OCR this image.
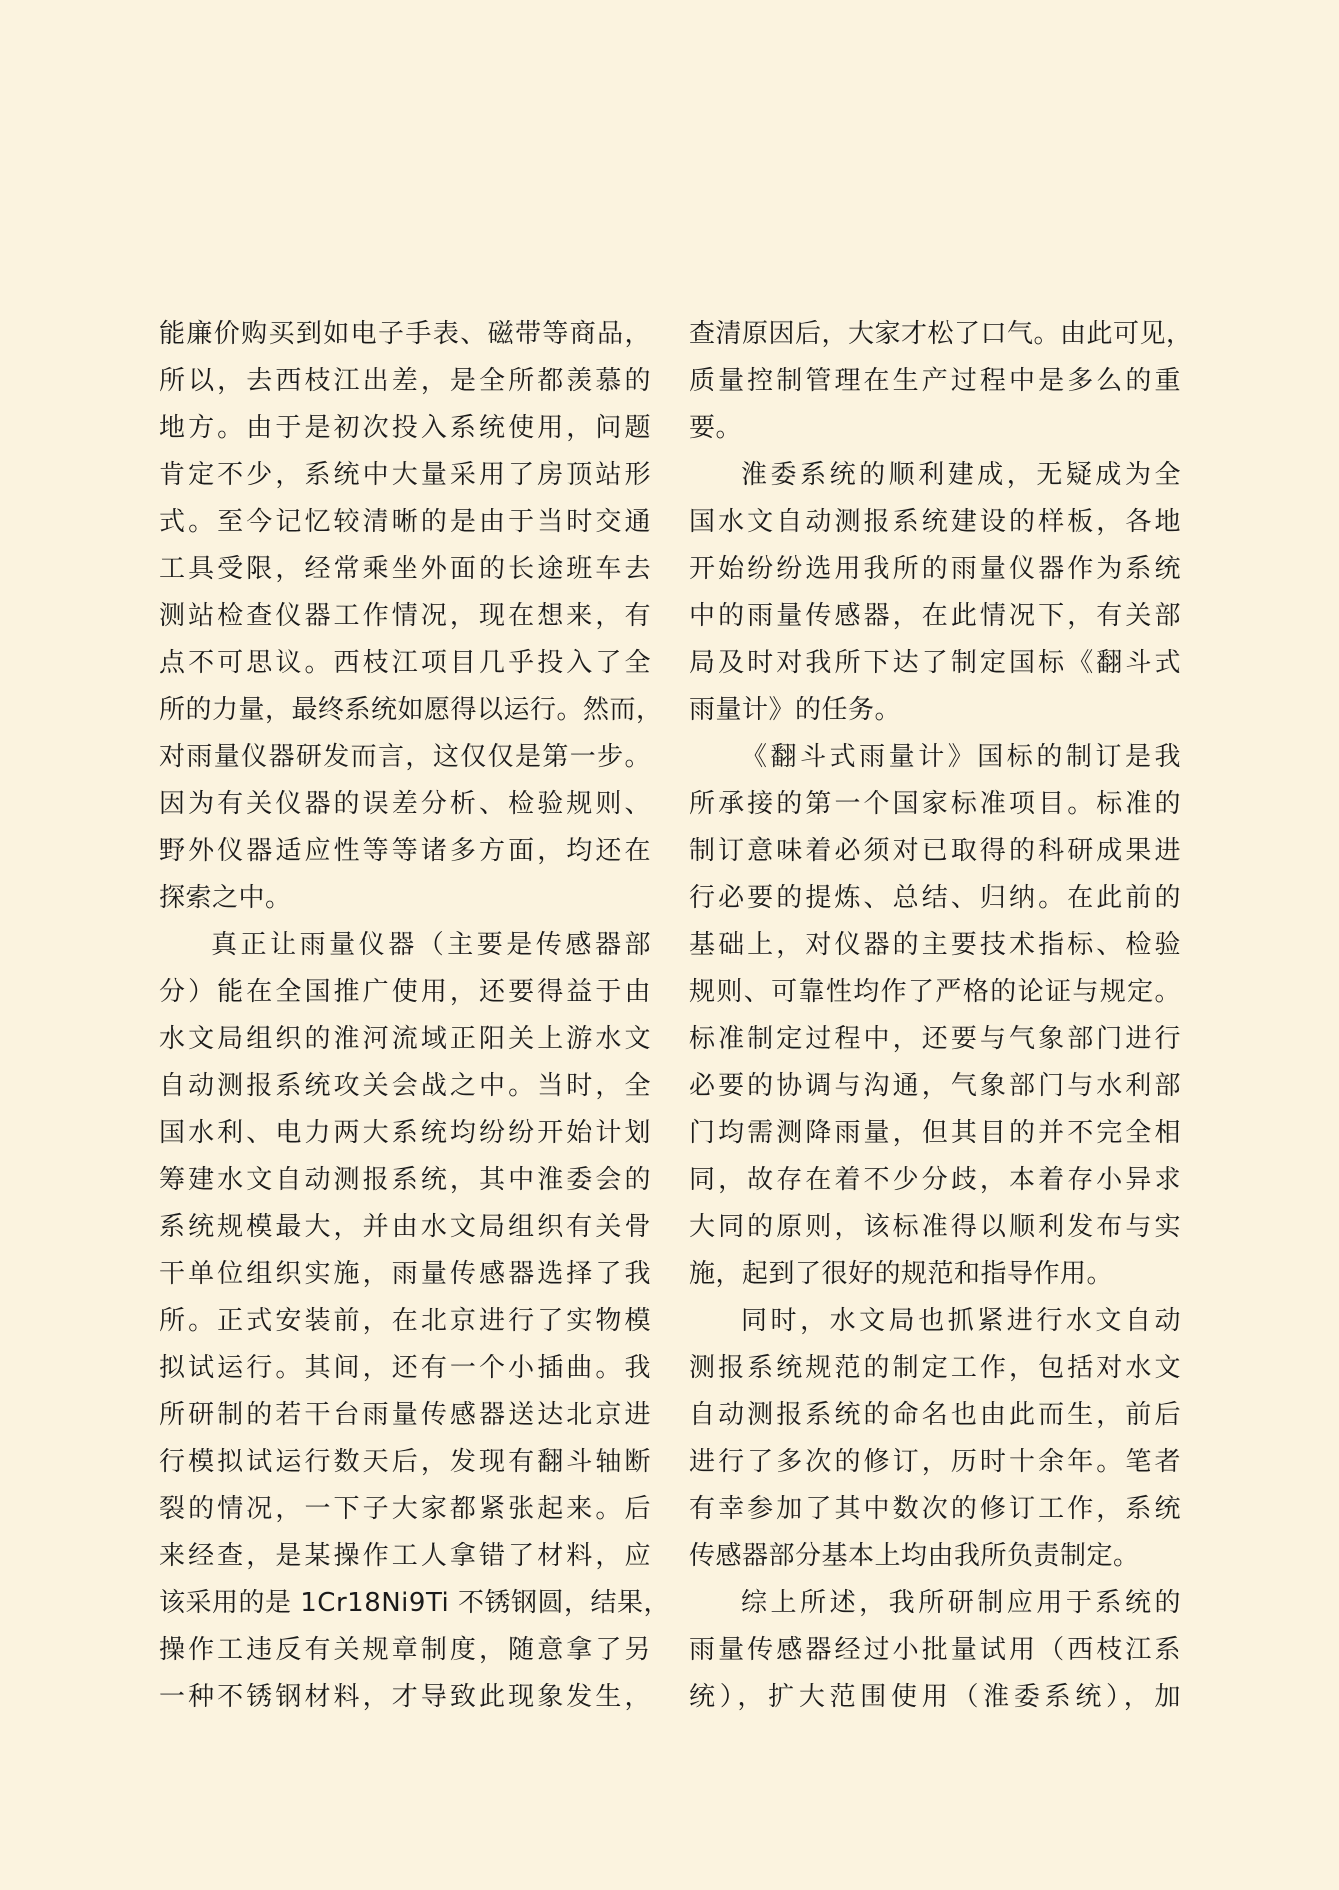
能廉价购买到如电子手表、磁带等商品，
所以，去西枝江出差，是全所都羡慕的
地方。由于是初次投入系统使用，问题
肯定不少，系统中大量采用了房顶站形
式。至今记忆较清晰的是由于当时交通
工具受限，经常乘坐外面的长途班车去
测站检查仪器工作情况，现在想来，有
点不可思议。西枝江项目几乎投入了全
所的力量，最终系统如愿得以运行。然而，
对雨量仪器研发而言，这仅仅是第一步。
因为有关仪器的误差分析、检验规则、
野外仪器适应性等等诸多方面，均还在
探索之中。
真正让雨量仪器（主要是传感器部
分）能在全国推广使用，还要得益于由
水文局组织的淮河流域正阳关上游水文
自动测报系统攻关会战之中。当时，全
国水利、电力两大系统均纷纷开始计划
筹建水文自动测报系统，其中淮委会的
系统规模最大，并由水文局组织有关骨
干单位组织实施，雨量传感器选择了我
所。正式安装前，在北京进行了实物模
拟试运行。其间，还有一个小插曲。我
所研制的若干台雨量传感器送达北京进
行模拟试运行数天后，发现有翻斗轴断
裂的情况，一下子大家都紧张起来。后
来经查，是某操作工人拿错了材料，应
该采用的是 1Cr18Ni9Ti 不锈钢圆，结果，
操作工违反有关规章制度，随意拿了另
一种不锈钢材料，才导致此现象发生，
查清原因后，大家才松了口气。由此可见，
质量控制管理在生产过程中是多么的重
要。
淮委系统的顺利建成，无疑成为全
国水文自动测报系统建设的样板，各地
开始纷纷选用我所的雨量仪器作为系统
中的雨量传感器，在此情况下，有关部
局及时对我所下达了制定国标《翻斗式
雨量计》的任务。
《翻斗式雨量计》国标的制订是我
所承接的第一个国家标准项目。标准的
制订意味着必须对已取得的科研成果进
行必要的提炼、总结、归纳。在此前的
基础上，对仪器的主要技术指标、检验
规则、可靠性均作了严格的论证与规定。
标准制定过程中，还要与气象部门进行
必要的协调与沟通，气象部门与水利部
门均需测降雨量，但其目的并不完全相
同，故存在着不少分歧，本着存小异求
大同的原则，该标准得以顺利发布与实
施，起到了很好的规范和指导作用。
同时，水文局也抓紧进行水文自动
测报系统规范的制定工作，包括对水文
自动测报系统的命名也由此而生，前后
进行了多次的修订，历时十余年。笔者
有幸参加了其中数次的修订工作，系统
传感器部分基本上均由我所负责制定。
综上所述，我所研制应用于系统的
雨量传感器经过小批量试用（西枝江系
统），扩大范围使用（淮委系统），加
